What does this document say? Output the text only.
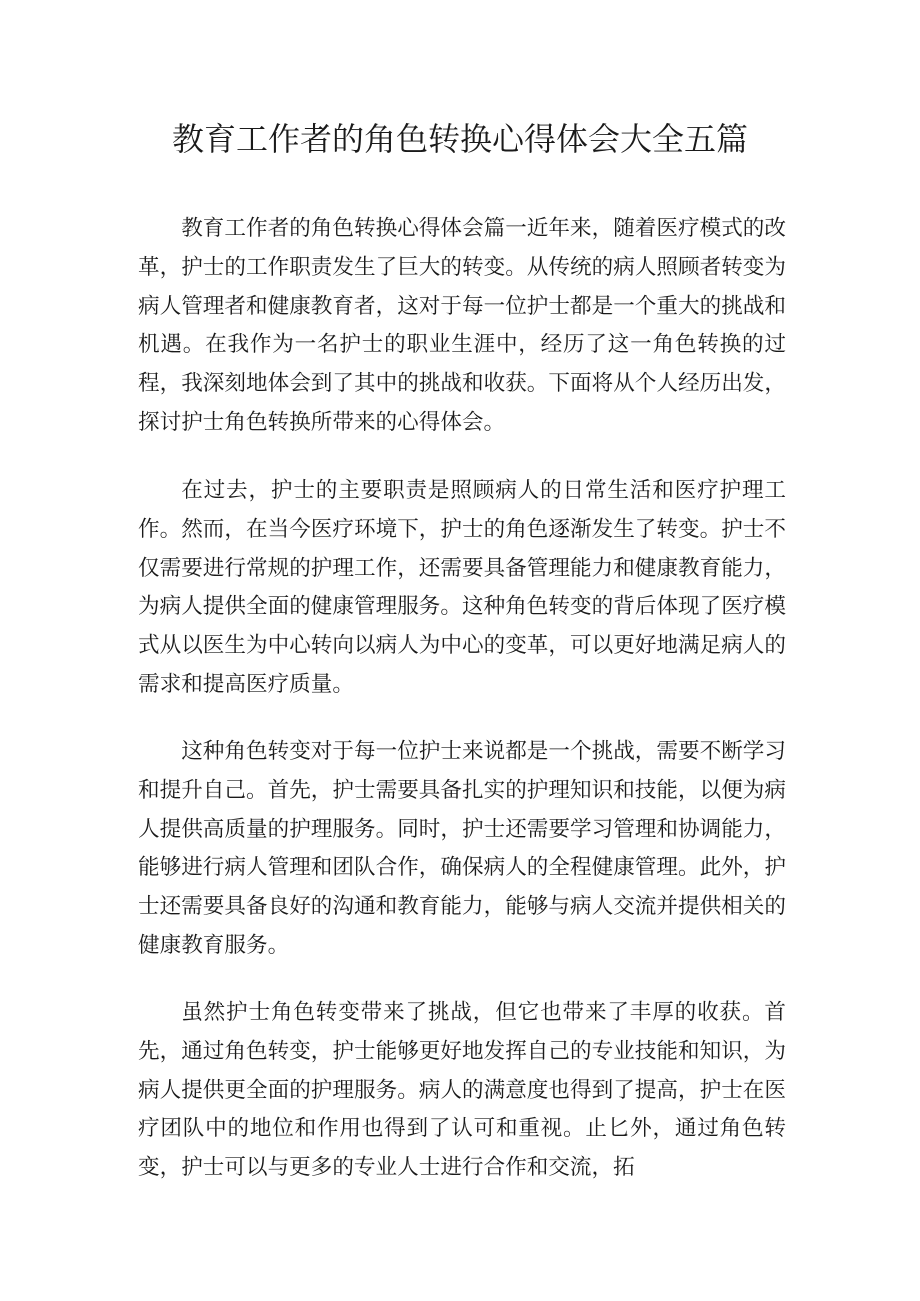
教育工作者的角色转换心得体会大全五篇

教育工作者的角色转换心得体会篇一近年来，随着医疗模式的改革，护士的工作职责发生了巨大的转变。从传统的病人照顾者转变为病人管理者和健康教育者，这对于每一位护士都是一个重大的挑战和机遇。在我作为一名护士的职业生涯中，经历了这一角色转换的过程，我深刻地体会到了其中的挑战和收获。下面将从个人经历出发，探讨护士角色转换所带来的心得体会。

在过去，护士的主要职责是照顾病人的日常生活和医疗护理工作。然而，在当今医疗环境下，护士的角色逐渐发生了转变。护士不仅需要进行常规的护理工作，还需要具备管理能力和健康教育能力，为病人提供全面的健康管理服务。这种角色转变的背后体现了医疗模式从以医生为中心转向以病人为中心的变革，可以更好地满足病人的需求和提高医疗质量。

这种角色转变对于每一位护士来说都是一个挑战，需要不断学习和提升自己。首先，护士需要具备扎实的护理知识和技能，以便为病人提供高质量的护理服务。同时，护士还需要学习管理和协调能力，能够进行病人管理和团队合作，确保病人的全程健康管理。此外，护士还需要具备良好的沟通和教育能力，能够与病人交流并提供相关的健康教育服务。

虽然护士角色转变带来了挑战，但它也带来了丰厚的收获。首先，通过角色转变，护士能够更好地发挥自己的专业技能和知识，为病人提供更全面的护理服务。病人的满意度也得到了提高，护士在医疗团队中的地位和作用也得到了认可和重视。止匕外，通过角色转变，护士可以与更多的专业人士进行合作和交流，拓
